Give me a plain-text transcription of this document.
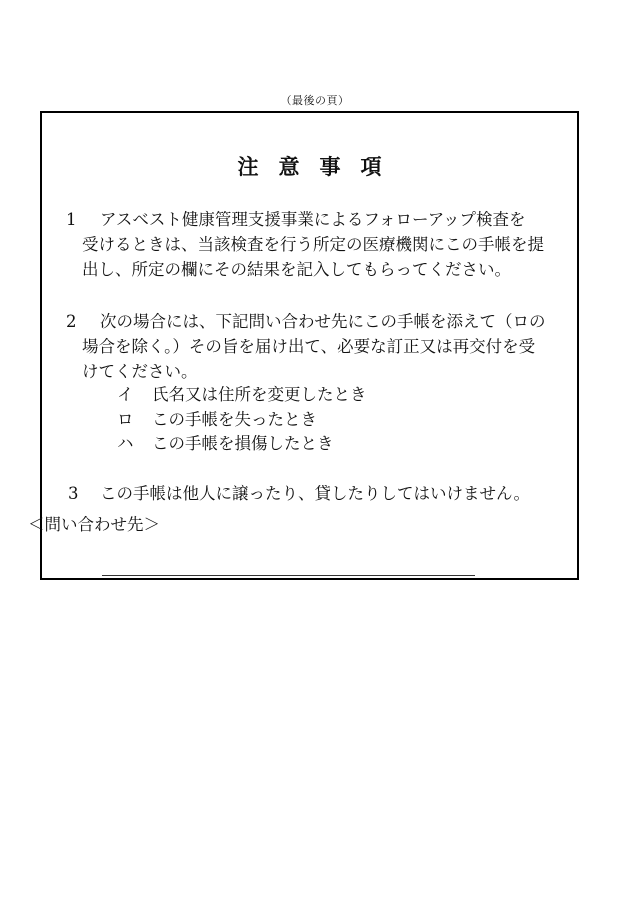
（最後の頁）
注意事項
1 アスベスト健康管理支援事業によるフォローアップ検査を
受けるときは、当該検査を行う所定の医療機関にこの手帳を提
出し、所定の欄にその結果を記入してもらってください。
2 次の場合には、下記問い合わせ先にこの手帳を添えて（ロの
場合を除く。）その旨を届け出て、必要な訂正又は再交付を受
けてください。
イ 氏名又は住所を変更したとき
ロ この手帳を失ったとき
ハ この手帳を損傷したとき
3 この手帳は他人に譲ったり、貸したりしてはいけません。
＜問い合わせ先＞
